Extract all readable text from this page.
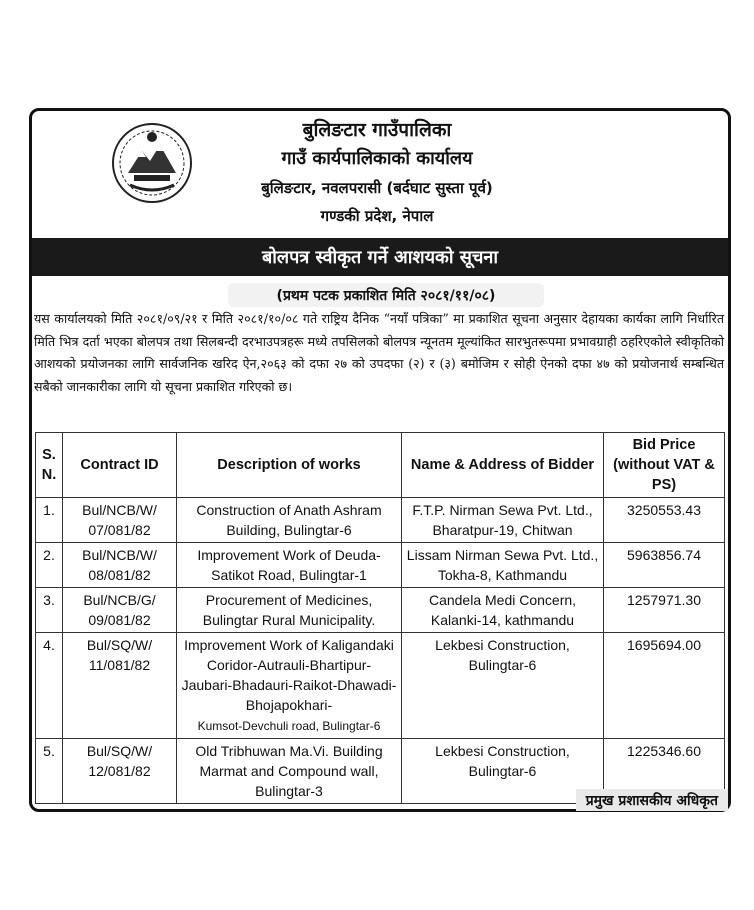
बुलिङटार गाउँपालिका
गाउँ कार्यपालिकाको कार्यालय
बुलिङटार, नवलपरासी (बर्दघाट सुस्ता पूर्व)
गण्डकी प्रदेश, नेपाल
बोलपत्र स्वीकृत गर्ने आशयको सूचना
(प्रथम पटक प्रकाशित मिति २०८१/११/०८)
यस कार्यालयको मिति २०८१/०९/२१ र मिति २०८१/१०/०८ गते राष्ट्रिय दैनिक “नयाँ पत्रिका” मा प्रकाशित सूचना अनुसार देहायका कार्यका लागि निर्धारित मिति भित्र दर्ता भएका बोलपत्र तथा सिलबन्दी दरभाउपत्रहरू मध्ये तपसिलको बोलपत्र न्यूनतम मूल्यांकित सारभुतरूपमा प्रभावग्राही ठहरिएकोले स्वीकृतिको आशयको प्रयोजनका लागि सार्वजनिक खरिद ऐन,२०६३ को दफा २७ को उपदफा (२) र (३) बमोजिम र सोही ऐनको दफा ४७ को प्रयोजनार्थ सम्बन्धित सबैको जानकारीका लागि यो सूचना प्रकाशित गरिएको छ।
S. N.	Contract ID	Description of works	Name & Address of Bidder	Bid Price (without VAT & PS)
1.	Bul/NCB/W/ 07/081/82	Construction of Anath Ashram Building, Bulingtar-6	F.T.P. Nirman Sewa Pvt. Ltd., Bharatpur-19, Chitwan	3250553.43
2.	Bul/NCB/W/ 08/081/82	Improvement Work of Deuda-Satikot Road, Bulingtar-1	Lissam Nirman Sewa Pvt. Ltd., Tokha-8, Kathmandu	5963856.74
3.	Bul/NCB/G/ 09/081/82	Procurement of Medicines, Bulingtar Rural Municipality.	Candela Medi Concern, Kalanki-14, kathmandu	1257971.30
4.	Bul/SQ/W/ 11/081/82	Improvement Work of Kaligandaki Coridor-Autrauli-Bhartipur- Jaubari-Bhadauri-Raikot-Dhawadi- Bhojapokhari-
Kumsot-Devchuli road, Bulingtar-6	Lekbesi Construction, Bulingtar-6	1695694.00
5.	Bul/SQ/W/ 12/081/82	Old Tribhuwan Ma.Vi. Building Marmat and Compound wall, Bulingtar-3	Lekbesi Construction, Bulingtar-6	1225346.60
प्रमुख प्रशासकीय अधिकृत
